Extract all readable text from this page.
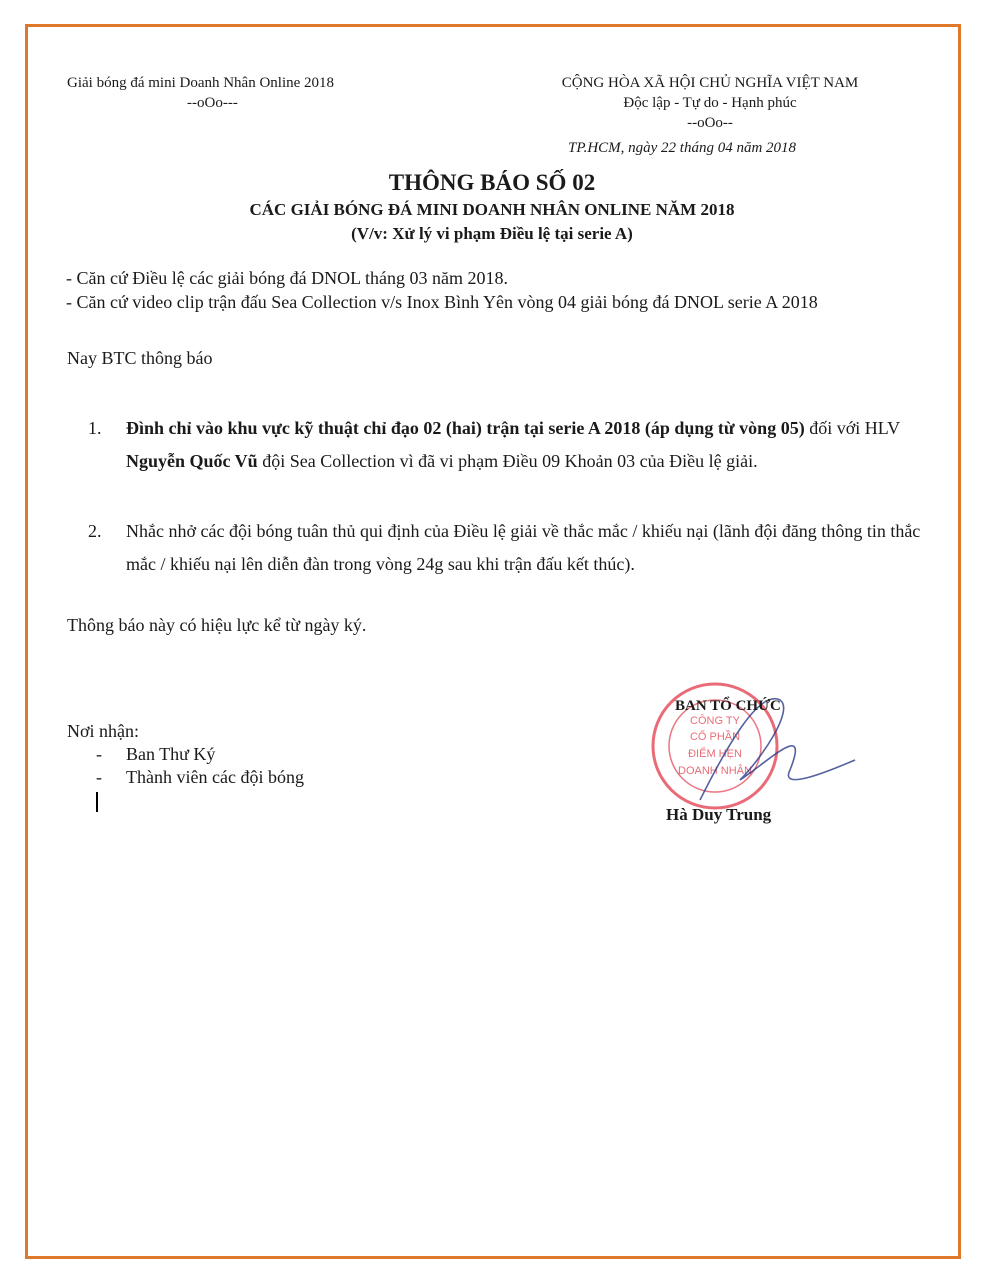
Giải bóng đá mini Doanh Nhân Online 2018
--oOo---
CỘNG HÒA XÃ HỘI CHỦ NGHĨA VIỆT NAM
Độc lập - Tự do - Hạnh phúc
--oOo--
TP.HCM, ngày 22 tháng 04 năm 2018
THÔNG BÁO SỐ 02
CÁC GIẢI BÓNG ĐÁ MINI DOANH NHÂN ONLINE NĂM 2018
(V/v: Xử lý vi phạm Điều lệ tại serie A)
- Căn cứ Điều lệ các giải bóng đá DNOL tháng 03 năm 2018.
- Căn cứ video clip trận đấu Sea Collection v/s Inox Bình Yên vòng 04 giải bóng đá DNOL serie A 2018
Nay BTC thông báo
1. Đình chỉ vào khu vực kỹ thuật chỉ đạo 02 (hai) trận tại serie A 2018 (áp dụng từ vòng 05) đối với HLV Nguyễn Quốc Vũ đội Sea Collection vì đã vi phạm Điều 09 Khoản 03 của Điều lệ giải.
2. Nhắc nhở các đội bóng tuân thủ qui định của Điều lệ giải về thắc mắc / khiếu nại (lãnh đội đăng thông tin thắc mắc / khiếu nại lên diễn đàn trong vòng 24g sau khi trận đấu kết thúc).
Thông báo này có hiệu lực kể từ ngày ký.
Nơi nhận:
- Ban Thư Ký
- Thành viên các đội bóng
CÔNG TY
CỔ PHẦN
ĐIỂM HẸN
DOANH NHÂN
BAN TỔ CHỨC
Hà Duy Trung
